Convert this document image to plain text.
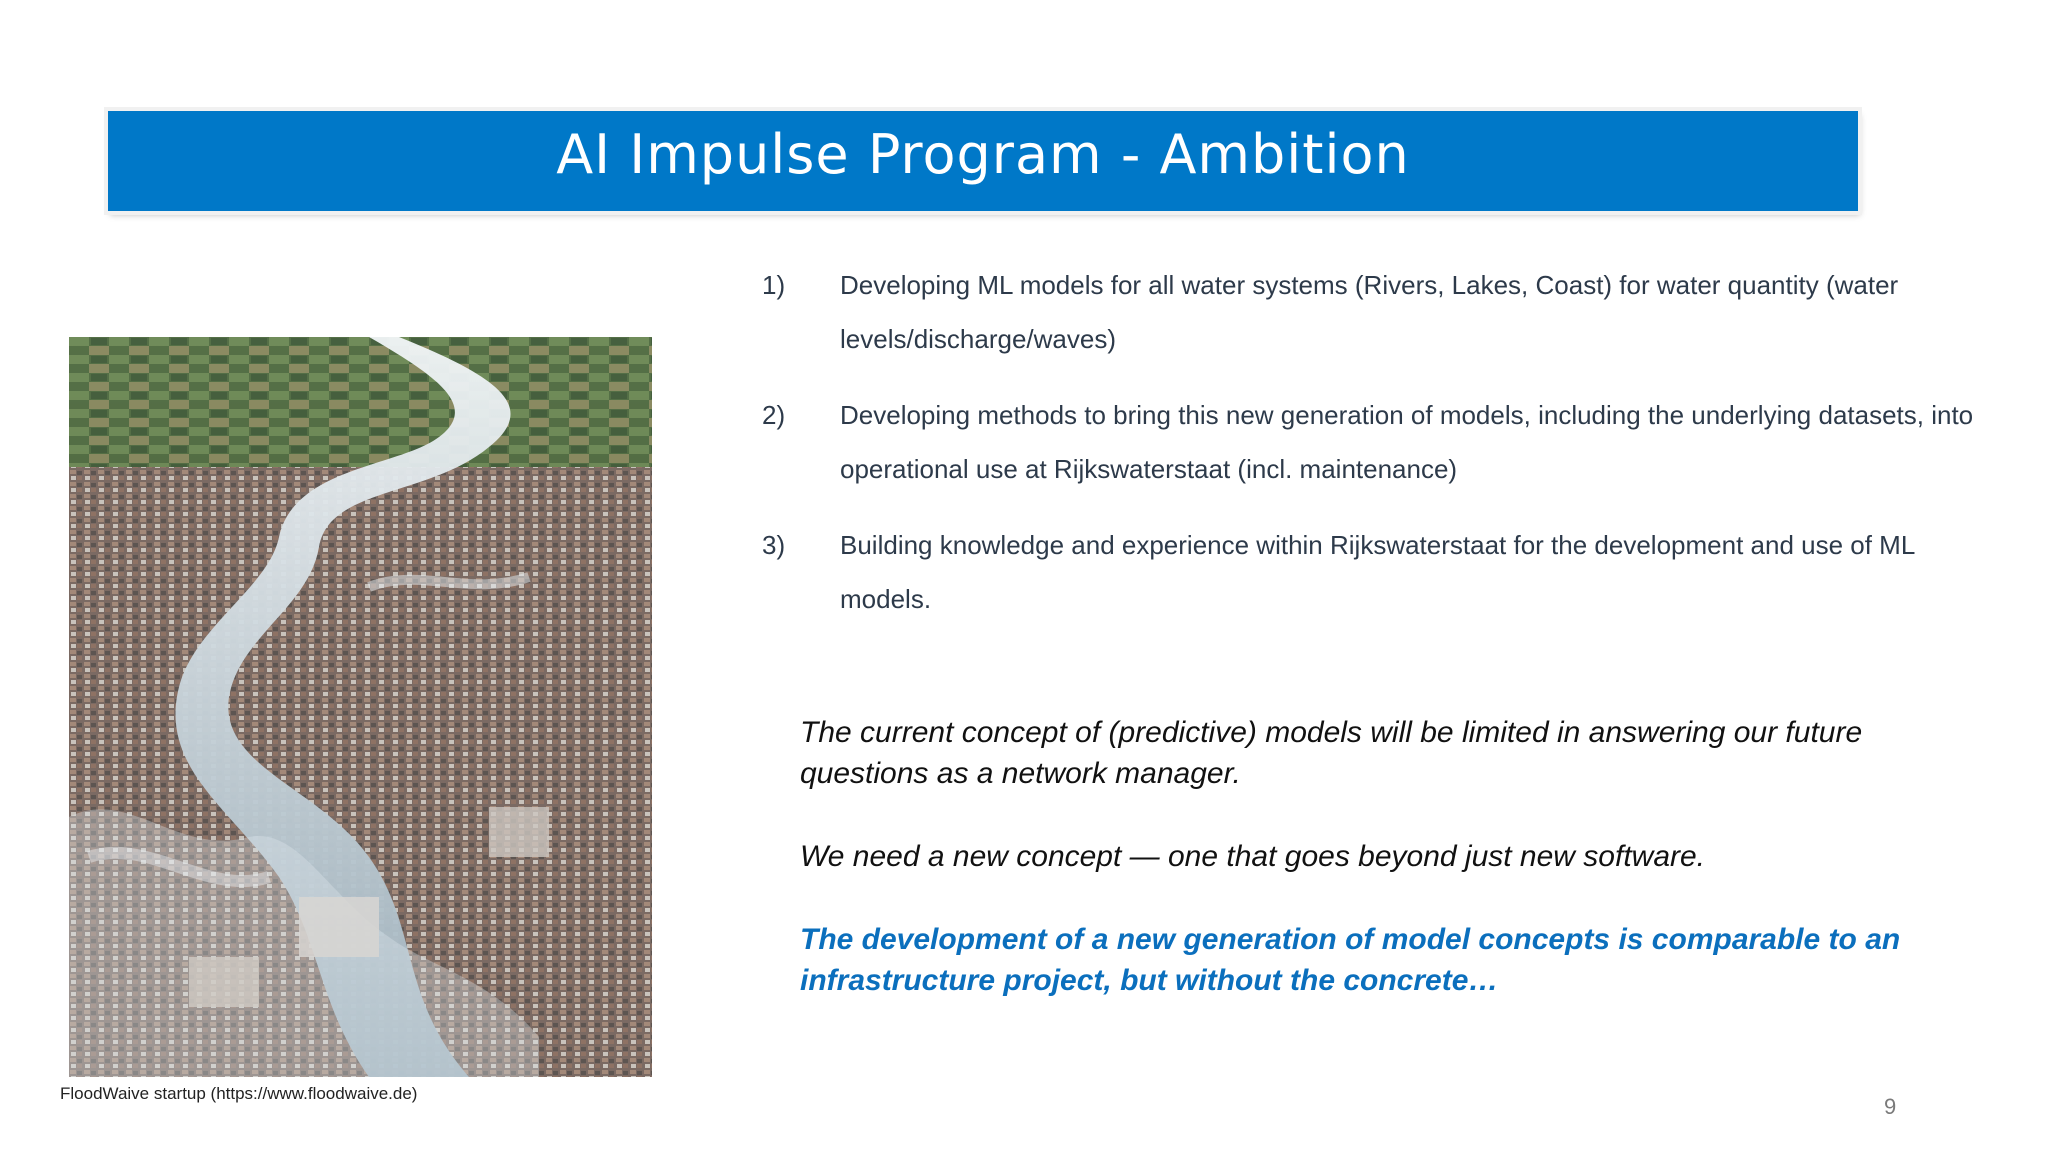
AI Impulse Program - Ambition
FloodWaive startup (https://www.floodwaive.de)
1) Developing ML models for all water systems (Rivers, Lakes, Coast) for water quantity (water levels/discharge/waves)
2) Developing methods to bring this new generation of models, including the underlying datasets, into operational use at Rijkswaterstaat (incl. maintenance)
3) Building knowledge and experience within Rijkswaterstaat for the development and use of ML models.

The current concept of (predictive) models will be limited in answering our future questions as a network manager.

We need a new concept — one that goes beyond just new software.

The development of a new generation of model concepts is comparable to an infrastructure project, but without the concrete…

9
